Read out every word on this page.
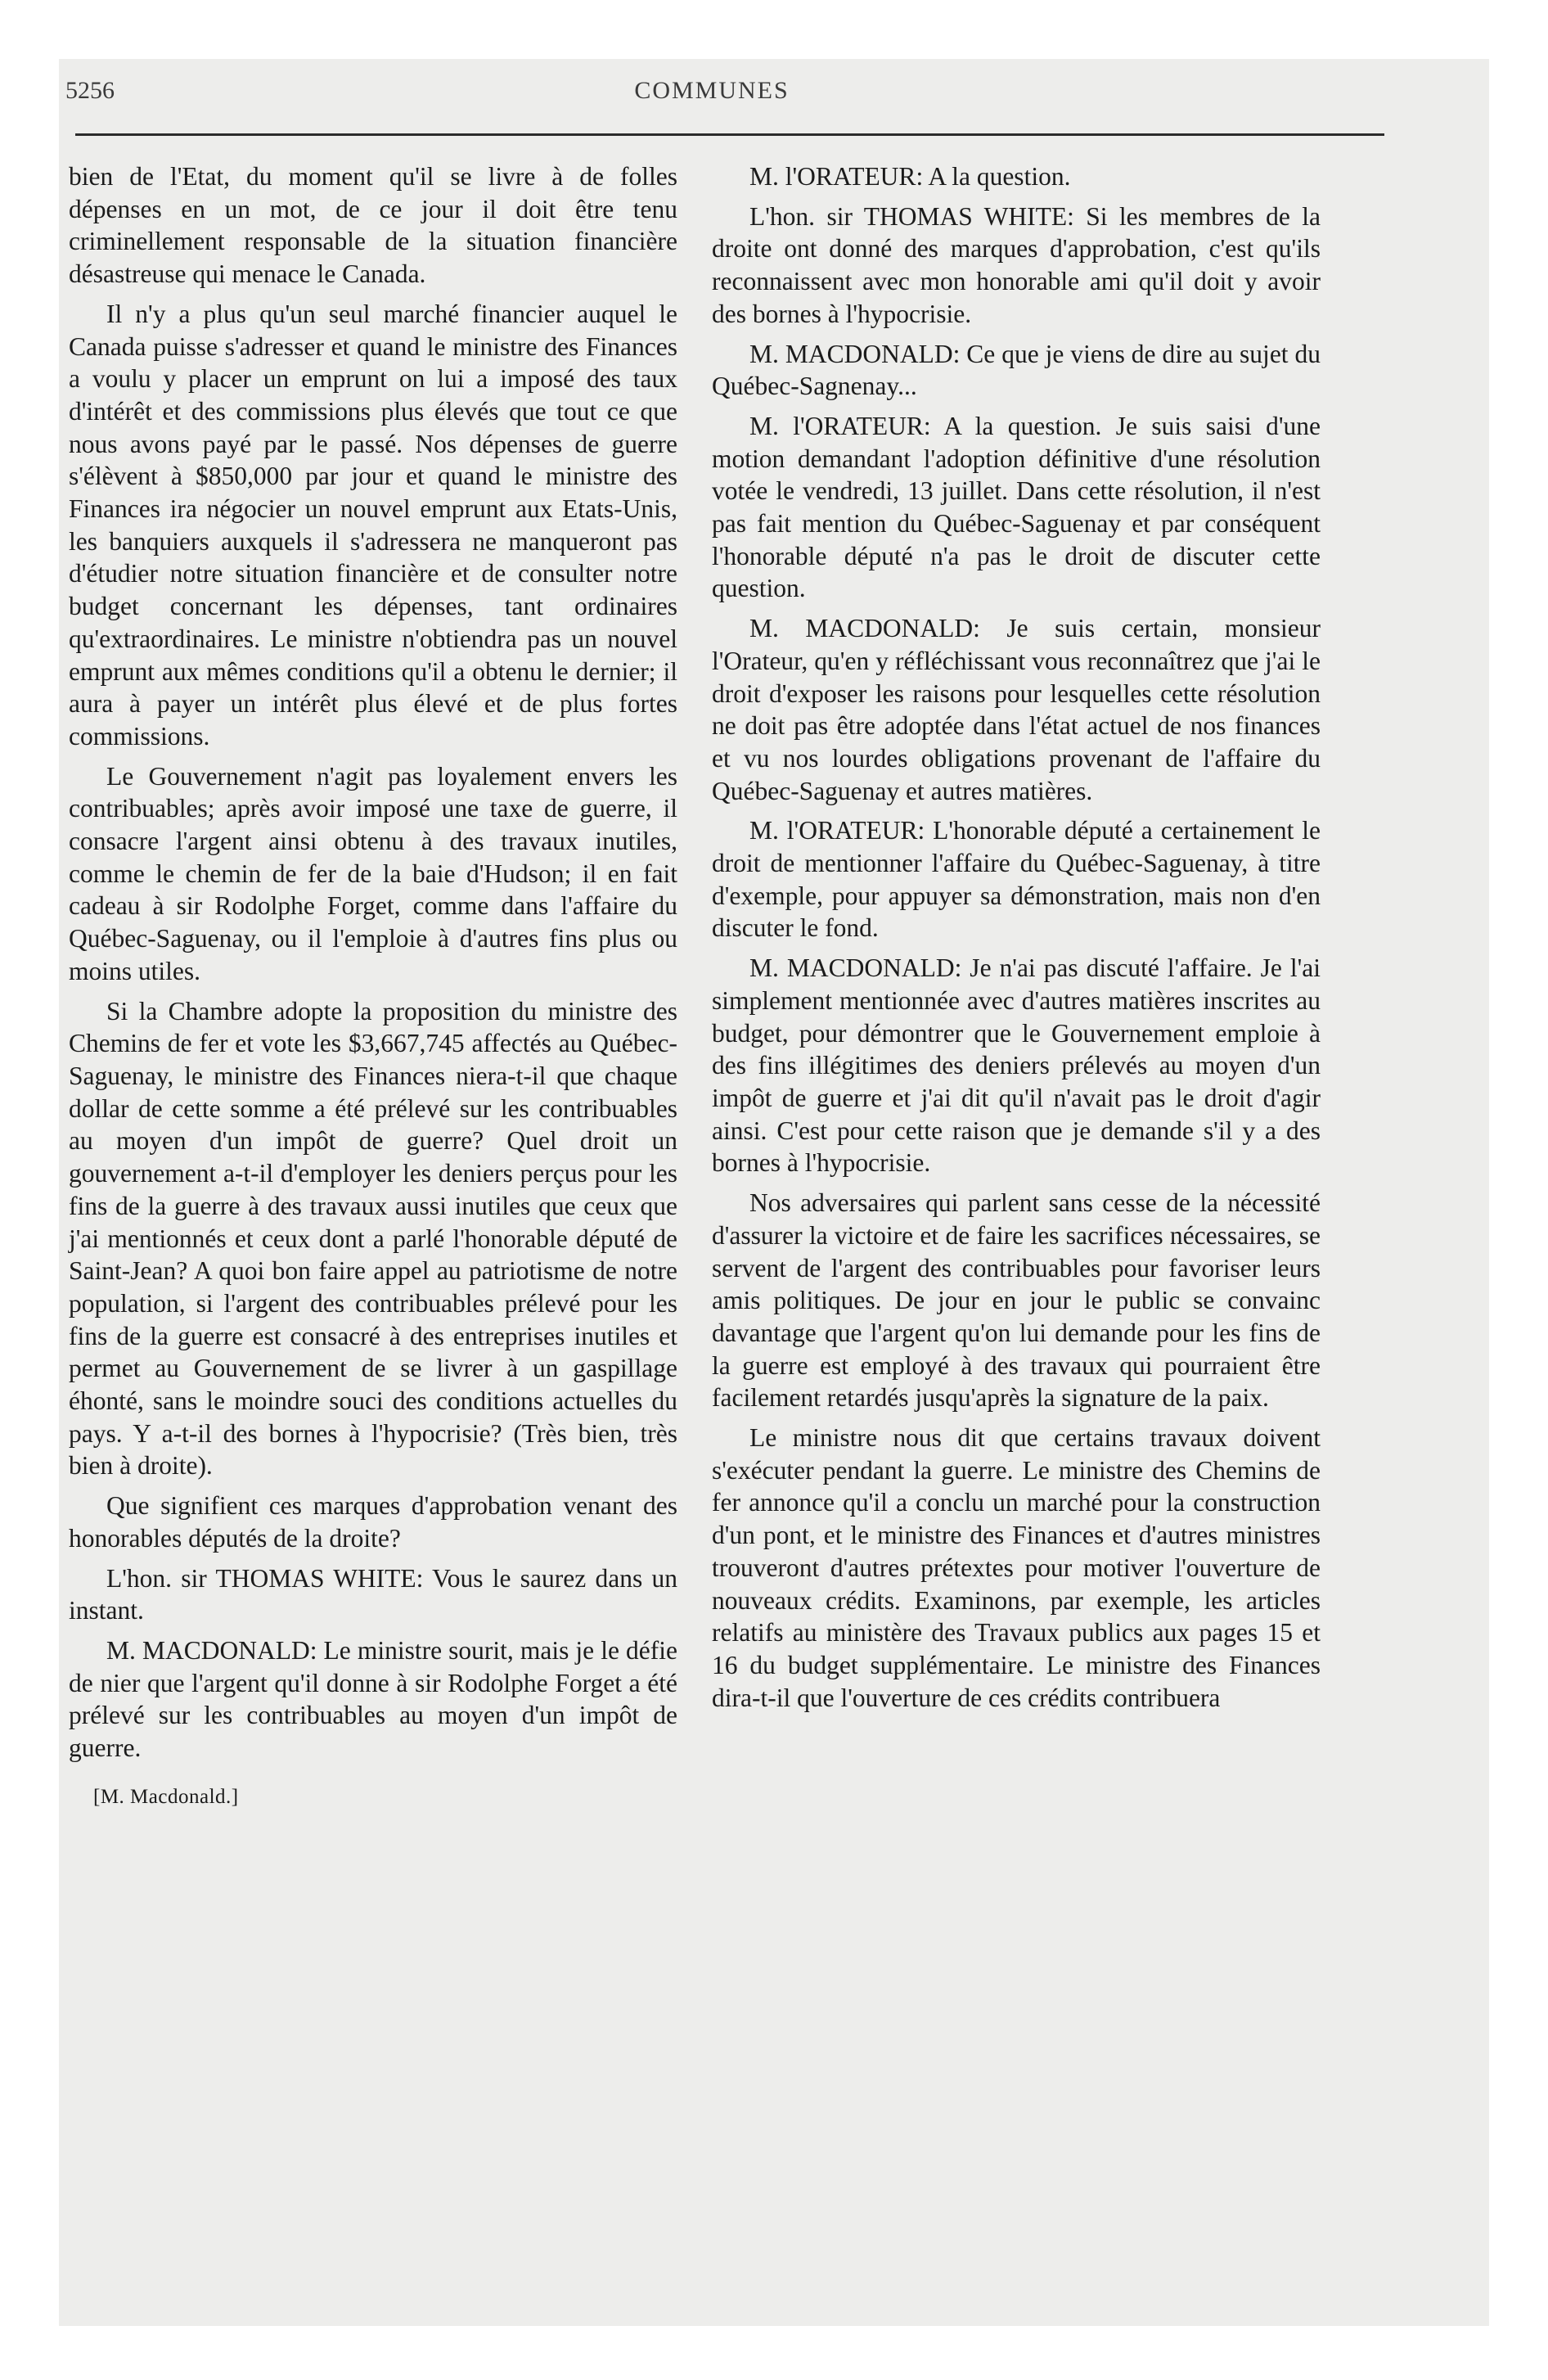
5256	COMMUNES

bien de l'Etat, du moment qu'il se livre à de folles dépenses en un mot, de ce jour il doit être tenu criminellement responsable de la situation financière désastreuse qui menace le Canada.

Il n'y a plus qu'un seul marché financier auquel le Canada puisse s'adresser et quand le ministre des Finances a voulu y placer un emprunt on lui a imposé des taux d'intérêt et des commissions plus élevés que tout ce que nous avons payé par le passé. Nos dépenses de guerre s'élèvent à $850,000 par jour et quand le ministre des Finances ira négocier un nouvel emprunt aux Etats-Unis, les banquiers auxquels il s'adressera ne manqueront pas d'étudier notre situation financière et de consulter notre budget concernant les dépenses, tant ordinaires qu'extraordinaires. Le ministre n'obtiendra pas un nouvel emprunt aux mêmes conditions qu'il a obtenu le dernier; il aura à payer un intérêt plus élevé et de plus fortes commissions.

Le Gouvernement n'agit pas loyalement envers les contribuables; après avoir imposé une taxe de guerre, il consacre l'argent ainsi obtenu à des travaux inutiles, comme le chemin de fer de la baie d'Hudson; il en fait cadeau à sir Rodolphe Forget, comme dans l'affaire du Québec-Saguenay, ou il l'emploie à d'autres fins plus ou moins utiles.

Si la Chambre adopte la proposition du ministre des Chemins de fer et vote les $3,667,745 affectés au Québec-Saguenay, le ministre des Finances niera-t-il que chaque dollar de cette somme a été prélevé sur les contribuables au moyen d'un impôt de guerre? Quel droit un gouvernement a-t-il d'employer les deniers perçus pour les fins de la guerre à des travaux aussi inutiles que ceux que j'ai mentionnés et ceux dont a parlé l'honorable député de Saint-Jean? A quoi bon faire appel au patriotisme de notre population, si l'argent des contribuables prélevé pour les fins de la guerre est consacré à des entreprises inutiles et permet au Gouvernement de se livrer à un gaspillage éhonté, sans le moindre souci des conditions actuelles du pays. Y a-t-il des bornes à l'hypocrisie? (Très bien, très bien à droite).

Que signifient ces marques d'approbation venant des honorables députés de la droite?

L'hon. sir THOMAS WHITE: Vous le saurez dans un instant.

M. MACDONALD: Le ministre sourit, mais je le défie de nier que l'argent qu'il donne à sir Rodolphe Forget a été prélevé sur les contribuables au moyen d'un impôt de guerre.

[M. Macdonald.]

M. l'ORATEUR: A la question.

L'hon. sir THOMAS WHITE: Si les membres de la droite ont donné des marques d'approbation, c'est qu'ils reconnaissent avec mon honorable ami qu'il doit y avoir des bornes à l'hypocrisie.

M. MACDONALD: Ce que je viens de dire au sujet du Québec-Sagnenay...

M. l'ORATEUR: A la question. Je suis saisi d'une motion demandant l'adoption définitive d'une résolution votée le vendredi, 13 juillet. Dans cette résolution, il n'est pas fait mention du Québec-Saguenay et par conséquent l'honorable député n'a pas le droit de discuter cette question.

M. MACDONALD: Je suis certain, monsieur l'Orateur, qu'en y réfléchissant vous reconnaîtrez que j'ai le droit d'exposer les raisons pour lesquelles cette résolution ne doit pas être adoptée dans l'état actuel de nos finances et vu nos lourdes obligations provenant de l'affaire du Québec-Saguenay et autres matières.

M. l'ORATEUR: L'honorable député a certainement le droit de mentionner l'affaire du Québec-Saguenay, à titre d'exemple, pour appuyer sa démonstration, mais non d'en discuter le fond.

M. MACDONALD: Je n'ai pas discuté l'affaire. Je l'ai simplement mentionnée avec d'autres matières inscrites au budget, pour démontrer que le Gouvernement emploie à des fins illégitimes des deniers prélevés au moyen d'un impôt de guerre et j'ai dit qu'il n'avait pas le droit d'agir ainsi. C'est pour cette raison que je demande s'il y a des bornes à l'hypocrisie.

Nos adversaires qui parlent sans cesse de la nécessité d'assurer la victoire et de faire les sacrifices nécessaires, se servent de l'argent des contribuables pour favoriser leurs amis politiques. De jour en jour le public se convainc davantage que l'argent qu'on lui demande pour les fins de la guerre est employé à des travaux qui pourraient être facilement retardés jusqu'après la signature de la paix.

Le ministre nous dit que certains travaux doivent s'exécuter pendant la guerre. Le ministre des Chemins de fer annonce qu'il a conclu un marché pour la construction d'un pont, et le ministre des Finances et d'autres ministres trouveront d'autres prétextes pour motiver l'ouverture de nouveaux crédits. Examinons, par exemple, les articles relatifs au ministère des Travaux publics aux pages 15 et 16 du budget supplémentaire. Le ministre des Finances dira-t-il que l'ouverture de ces crédits contribuera
